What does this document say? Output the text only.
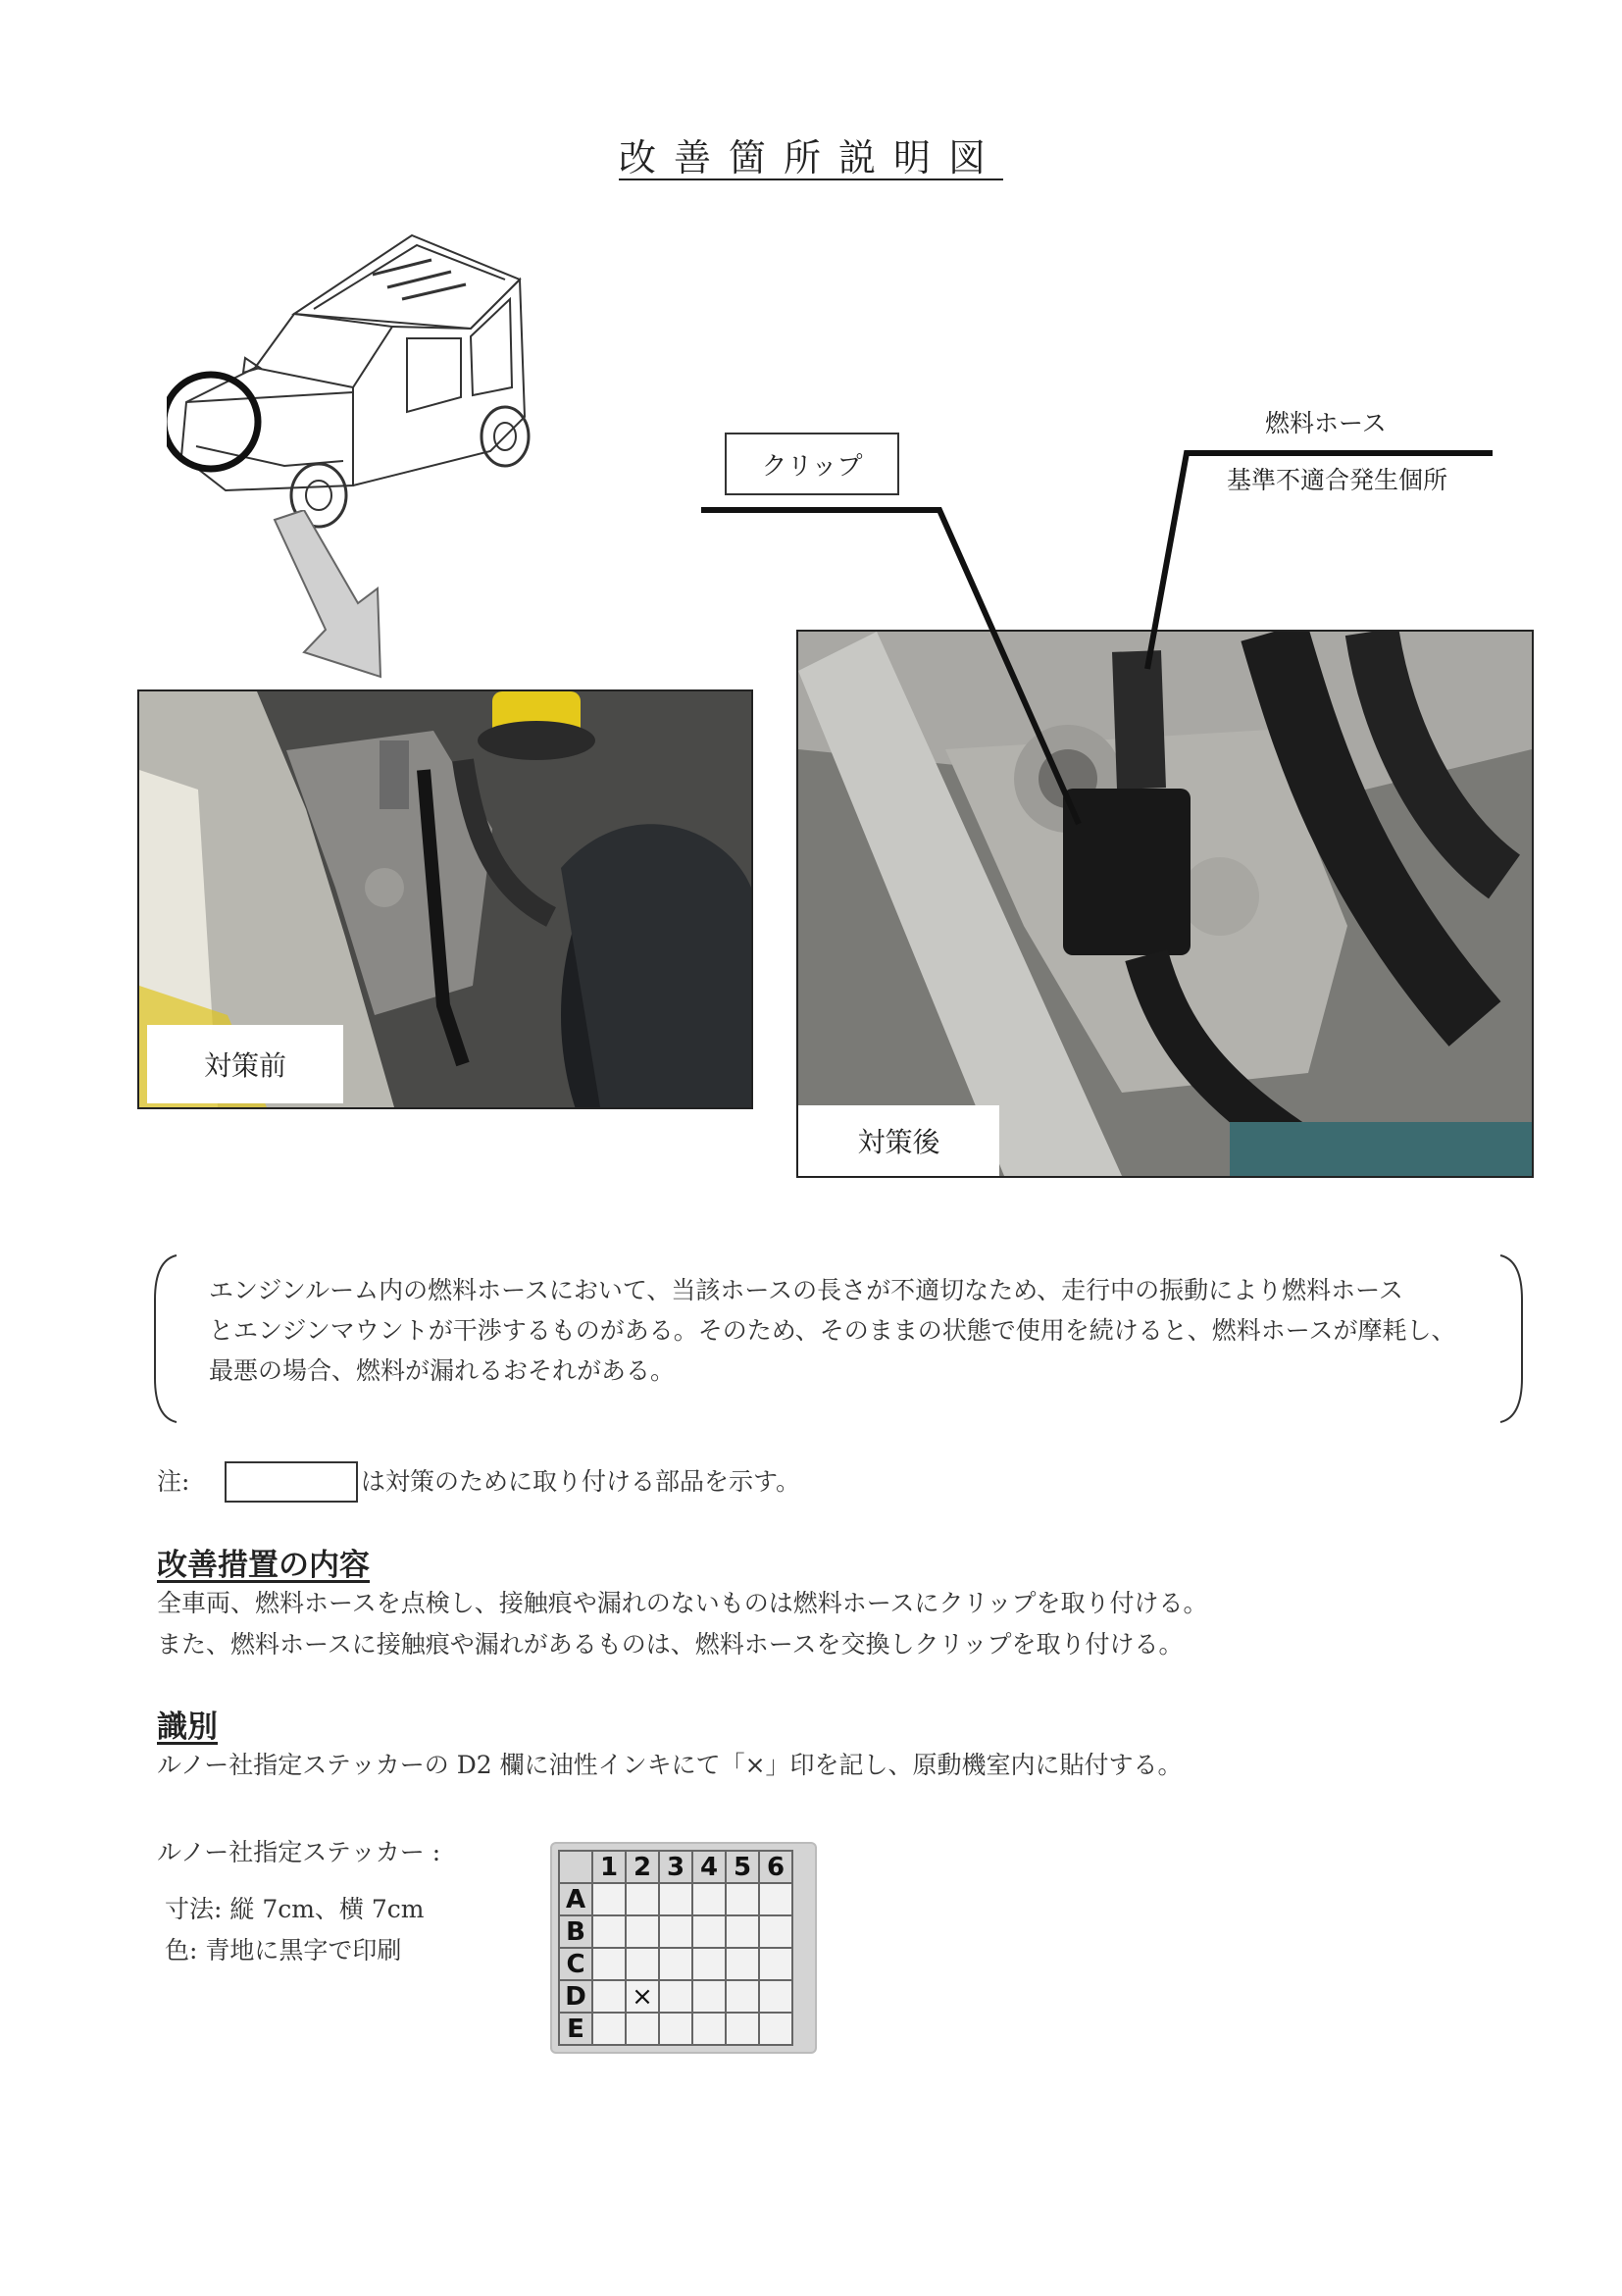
改善箇所説明図
対策前
対策後
クリップ
燃料ホース
基準不適合発生個所
エンジンルーム内の燃料ホースにおいて、当該ホースの長さが不適切なため、走行中の振動により燃料ホース
とエンジンマウントが干渉するものがある。そのため、そのままの状態で使用を続けると、燃料ホースが摩耗し、
最悪の場合、燃料が漏れるおそれがある。
注:	は対策のために取り付ける部品を示す。
改善措置の内容
全車両、燃料ホースを点検し、接触痕や漏れのないものは燃料ホースにクリップを取り付ける。
また、燃料ホースに接触痕や漏れがあるものは、燃料ホースを交換しクリップを取り付ける。
識別
ルノー社指定ステッカーの D2 欄に油性インキにて「×」印を記し、原動機室内に貼付する。
ルノー社指定ステッカー :
寸法: 縦 7cm、横 7cm
色: 青地に黒字で印刷
	1	2	3	4	5	6
A						
B						
C						
D		×				
E						
